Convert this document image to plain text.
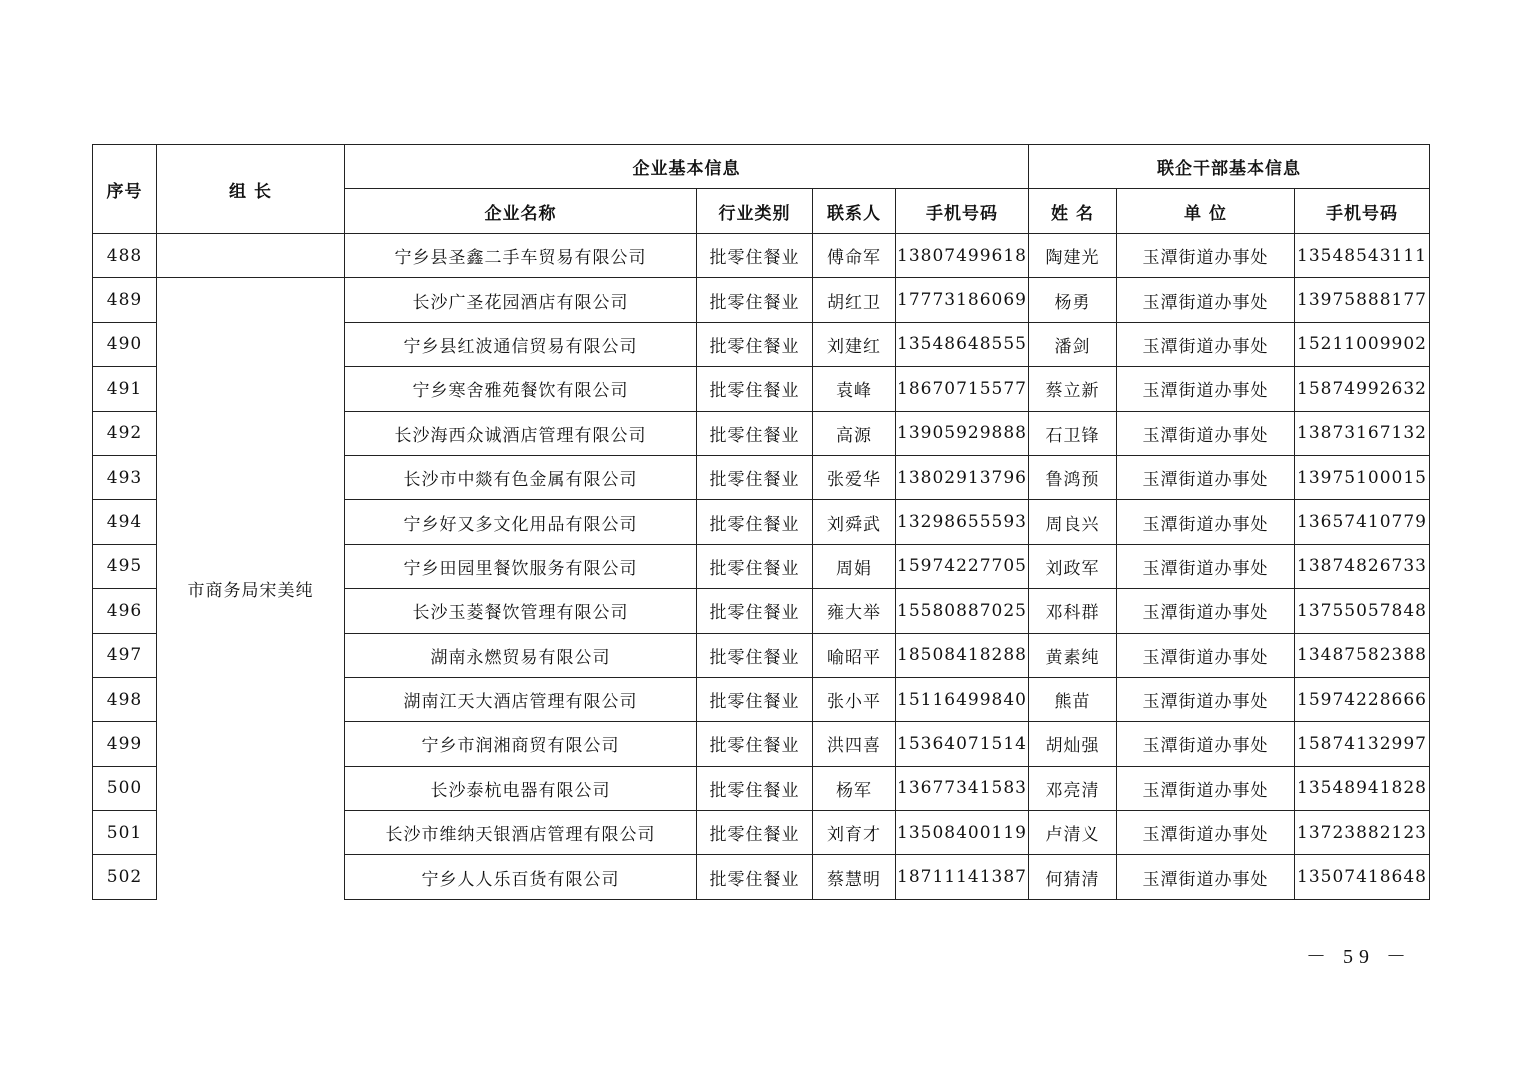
序号	组 长	企业基本信息				联企干部基本信息		
		企业名称	行业类别	联系人	手机号码	姓 名	单 位	手机号码
488		宁乡县圣鑫二手车贸易有限公司	批零住餐业	傅命军	13807499618	陶建光	玉潭街道办事处	13548543111
489	市商务局宋美纯	长沙广圣花园酒店有限公司	批零住餐业	胡红卫	17773186069	杨勇	玉潭街道办事处	13975888177
490		宁乡县红波通信贸易有限公司	批零住餐业	刘建红	13548648555	潘剑	玉潭街道办事处	15211009902
491		宁乡寒舍雅苑餐饮有限公司	批零住餐业	袁峰	18670715577	蔡立新	玉潭街道办事处	15874992632
492		长沙海西众诚酒店管理有限公司	批零住餐业	高源	13905929888	石卫锋	玉潭街道办事处	13873167132
493		长沙市中燚有色金属有限公司	批零住餐业	张爱华	13802913796	鲁鸿预	玉潭街道办事处	13975100015
494		宁乡好又多文化用品有限公司	批零住餐业	刘舜武	13298655593	周良兴	玉潭街道办事处	13657410779
495		宁乡田园里餐饮服务有限公司	批零住餐业	周娟	15974227705	刘政军	玉潭街道办事处	13874826733
496		长沙玉菱餐饮管理有限公司	批零住餐业	雍大举	15580887025	邓科群	玉潭街道办事处	13755057848
497		湖南永燃贸易有限公司	批零住餐业	喻昭平	18508418288	黄素纯	玉潭街道办事处	13487582388
498		湖南江天大酒店管理有限公司	批零住餐业	张小平	15116499840	熊苗	玉潭街道办事处	15974228666
499		宁乡市润湘商贸有限公司	批零住餐业	洪四喜	15364071514	胡灿强	玉潭街道办事处	15874132997
500		长沙泰杭电器有限公司	批零住餐业	杨军	13677341583	邓亮清	玉潭街道办事处	13548941828
501		长沙市维纳天银酒店管理有限公司	批零住餐业	刘育才	13508400119	卢清义	玉潭街道办事处	13723882123
502		宁乡人人乐百货有限公司	批零住餐业	蔡慧明	18711141387	何猜清	玉潭街道办事处	13507418648
－ 59 －
